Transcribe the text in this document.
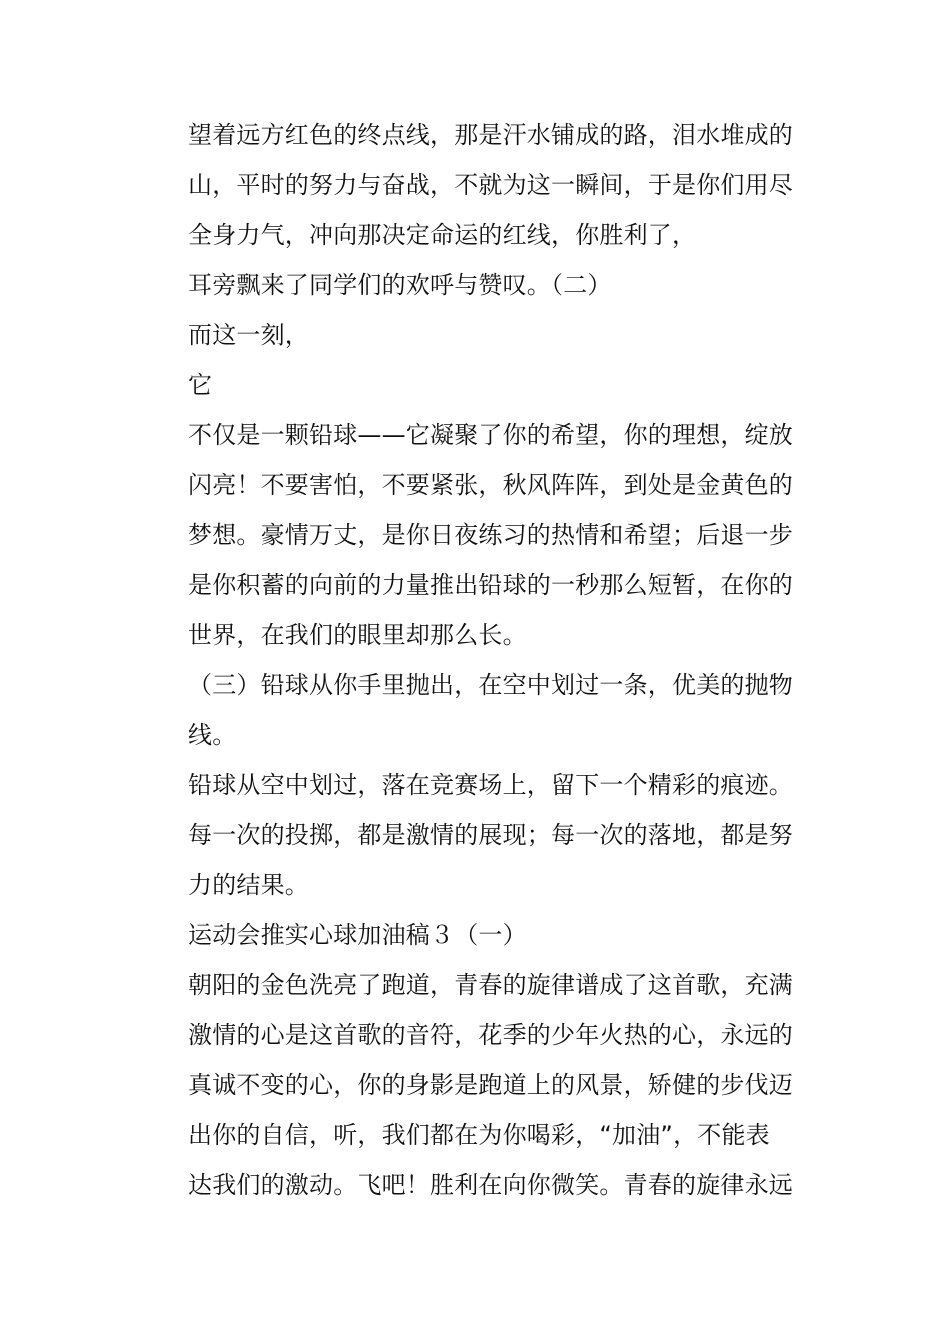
望着远方红色的终点线，那是汗水铺成的路，泪水堆成的
山，平时的努力与奋战，不就为这一瞬间，于是你们用尽
全身力气，冲向那决定命运的红线，你胜利了，
耳旁飘来了同学们的欢呼与赞叹。（二）
而这一刻，
它
不仅是一颗铅球——它凝聚了你的希望，你的理想，绽放
闪亮！不要害怕，不要紧张，秋风阵阵，到处是金黄色的
梦想。豪情万丈，是你日夜练习的热情和希望；后退一步
是你积蓄的向前的力量推出铅球的一秒那么短暂，在你的
世界，在我们的眼里却那么长。
（三）铅球从你手里抛出，在空中划过一条，优美的抛物
线。
铅球从空中划过，落在竞赛场上，留下一个精彩的痕迹。
每一次的投掷，都是激情的展现；每一次的落地，都是努
力的结果。
运动会推实心球加油稿３（一）
朝阳的金色洗亮了跑道，青春的旋律谱成了这首歌，充满
激情的心是这首歌的音符，花季的少年火热的心，永远的
真诚不变的心，你的身影是跑道上的风景，矫健的步伐迈
出你的自信，听，我们都在为你喝彩，“加油”，不能表
达我们的激动。飞吧！胜利在向你微笑。青春的旋律永远
